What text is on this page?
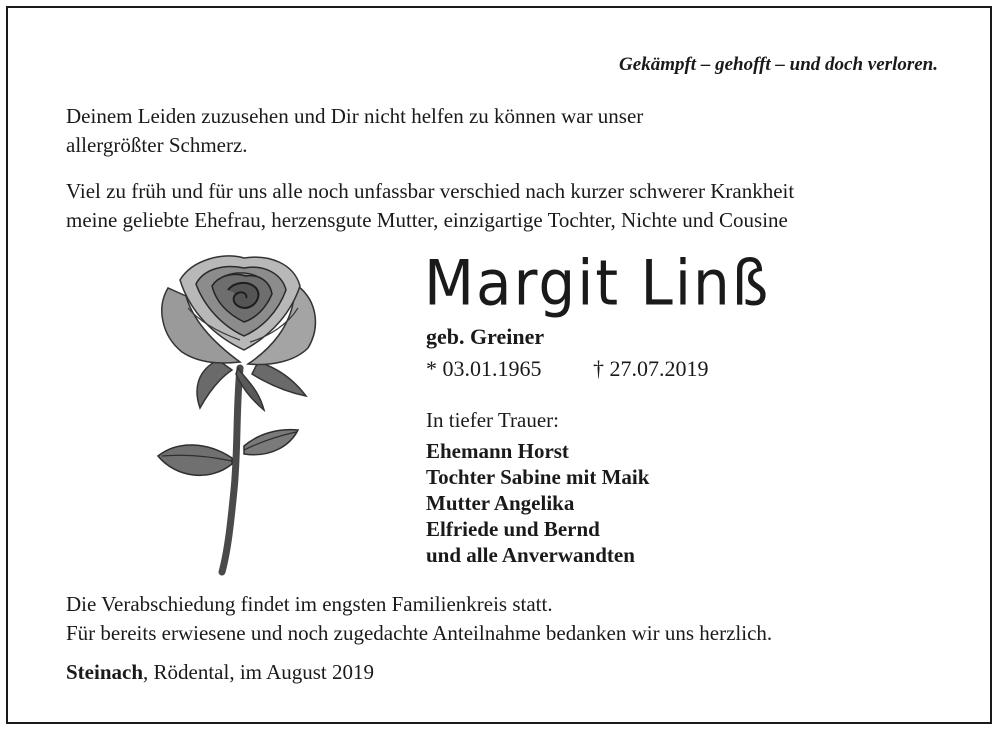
Gekämpft – gehofft – und doch verloren.
Deinem Leiden zuzusehen und Dir nicht helfen zu können war unser
allergrößter Schmerz.
Viel zu früh und für uns alle noch unfassbar verschied nach kurzer schwerer Krankheit
meine geliebte Ehefrau, herzensgute Mutter, einzigartige Tochter, Nichte und Cousine
Margit Linß
geb. Greiner
* 03.01.1965 † 27.07.2019
In tiefer Trauer:
Ehemann Horst
Tochter Sabine mit Maik
Mutter Angelika
Elfriede und Bernd
und alle Anverwandten
Die Verabschiedung findet im engsten Familienkreis statt.
Für bereits erwiesene und noch zugedachte Anteilnahme bedanken wir uns herzlich.
Steinach, Rödental, im August 2019
